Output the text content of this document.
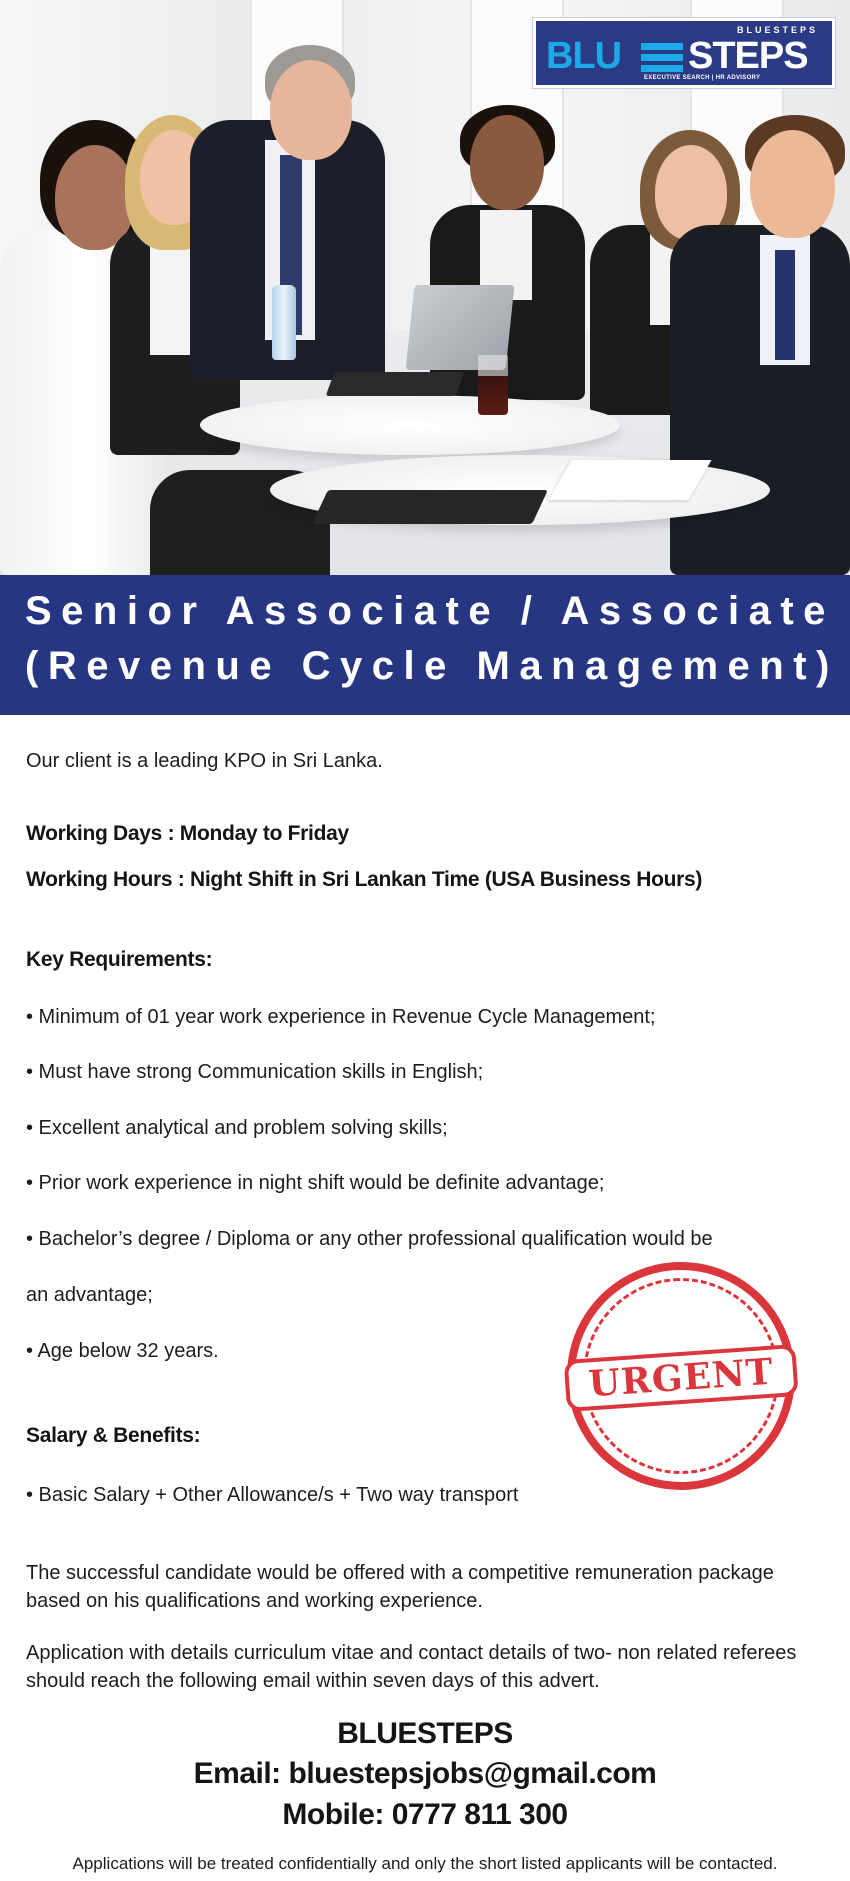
BLUESTEPS
BLU STEPS
EXECUTIVE SEARCH | HR ADVISORY
Senior Associate / Associate
(Revenue Cycle Management)
Our client is a leading KPO in Sri Lanka.
Working Days : Monday to Friday
Working Hours : Night Shift in Sri Lankan Time (USA Business Hours)
Key Requirements:
• Minimum of 01 year work experience in Revenue Cycle Management;
• Must have strong Communication skills in English;
• Excellent analytical and problem solving skills;
• Prior work experience in night shift would be definite advantage;
• Bachelor’s degree / Diploma or any other professional qualification would be
an advantage;
• Age below 32 years.
Salary & Benefits:
• Basic Salary + Other Allowance/s + Two way transport
URGENT
The successful candidate would be offered with a competitive remuneration package based on his qualifications and working experience.
Application with details curriculum vitae and contact details of two- non related referees should reach the following email within seven days of this advert.
BLUESTEPS
Email: bluestepsjobs@gmail.com
Mobile: 0777 811 300
Applications will be treated confidentially and only the short listed applicants will be contacted.
